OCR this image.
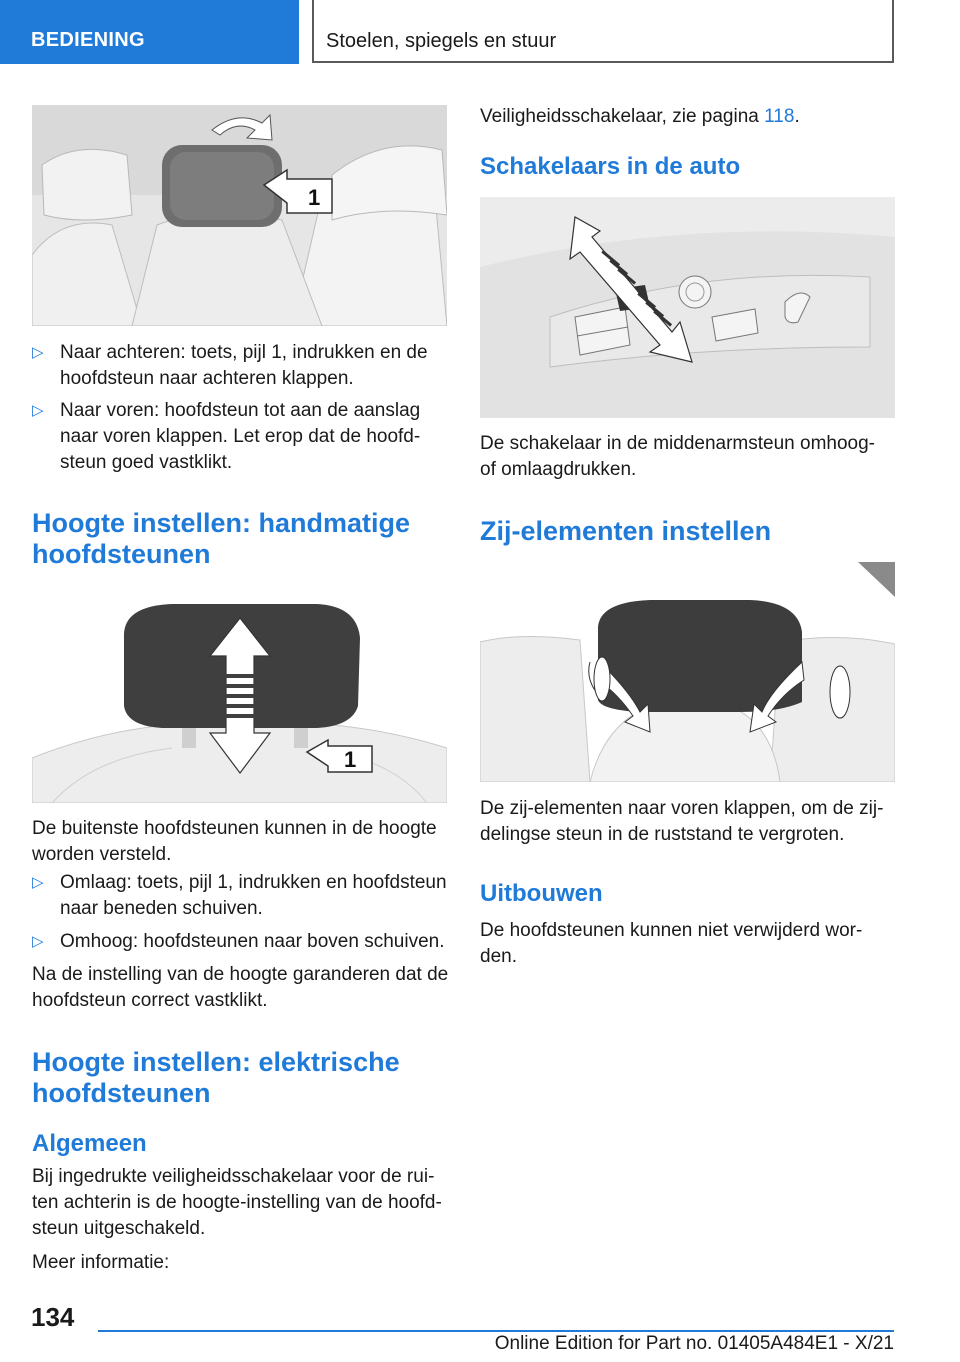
BEDIENING	Stoelen, spiegels en stuur
1
▷ Naar achteren: toets, pijl 1, indrukken en de hoofdsteun naar achteren klappen.
▷ Naar voren: hoofdsteun tot aan de aanslag naar voren klappen. Let erop dat de hoofdsteun goed vastklikt.
Hoogte instellen: handmatige hoofdsteunen
1
De buitenste hoofdsteunen kunnen in de hoogte worden versteld.
▷ Omlaag: toets, pijl 1, indrukken en hoofdsteun naar beneden schuiven.
▷ Omhoog: hoofdsteunen naar boven schuiven.
Na de instelling van de hoogte garanderen dat de hoofdsteun correct vastklikt.
Hoogte instellen: elektrische hoofdsteunen
Algemeen
Bij ingedrukte veiligheidsschakelaar voor de ruiten achterin is de hoogte-instelling van de hoofdsteun uitgeschakeld.
Meer informatie:
Veiligheidsschakelaar, zie pagina 118.
Schakelaars in de auto
De schakelaar in de middenarmsteun omhoog- of omlaagdrukken.
Zij-elementen instellen
De zij-elementen naar voren klappen, om de zijdelingse steun in de ruststand te vergroten.
Uitbouwen
De hoofdsteunen kunnen niet verwijderd worden.
134
Online Edition for Part no. 01405A484E1 - X/21
